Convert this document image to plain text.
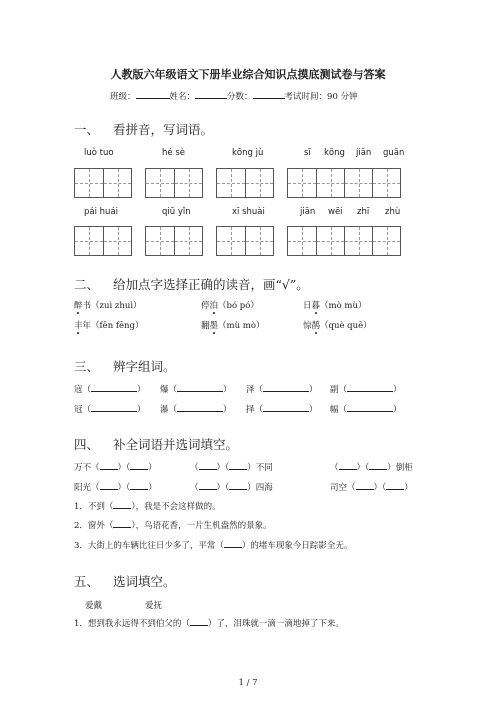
人教版六年级语文下册毕业综合知识点摸底测试卷与答案
班级：	姓名：	分数：	考试时间：90 分钟
一、 看拼音，写词语。
luò tuo	hé sè	kōng jù	sī kōng jiān guān
pái huái	qiū yǐn	xī shuài	jiān wēi zhī zhù
二、 给加点字选择正确的读音，画“√”。
醉书（zuì zhuì）	停泊（bó pó）	日暮（mò mù）
丰年（fēn fēng）	翻墨（mù mò）	惊鹊（què quē）
三、 辨字组词。
寇（	） 爆（	） 泽（	） 副（	）
冠（	） 瀑（	） 择（	） 幅（	）
四、 补全词语并选词填空。
万不（ ）（ ）	（ ）（ ）不同	（ ）（ ）倒柜
阳光（ ）（ ）	（ ）（ ）四海	司空（ ）（ ）
1．不到（ ），我是不会这样做的。
2．窗外（ ），鸟语花香，一片生机盎然的景象。
3．大街上的车辆比往日少多了，平常（ ）的堵车现象今日踪影全无。
五、 选词填空。
爱戴	爱抚
1．想到我永远得不到伯父的（ ）了，泪珠就一滴一滴地掉了下来。
1 / 7
